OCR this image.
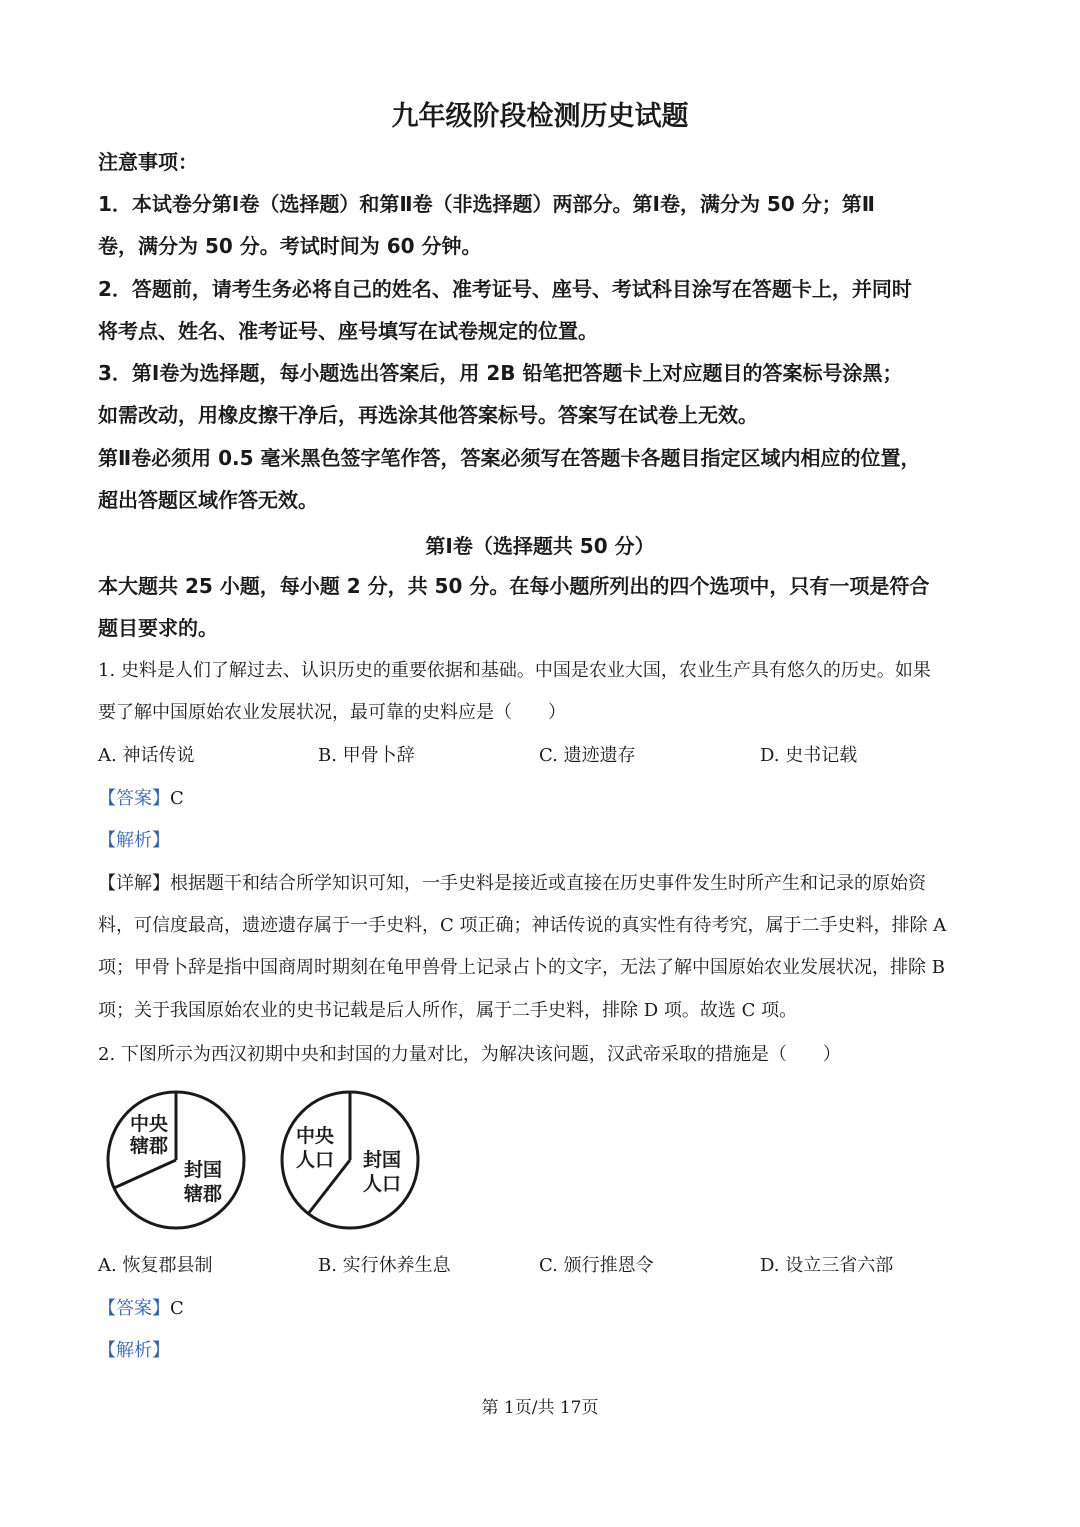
九年级阶段检测历史试题
注意事项：
1．本试卷分第Ⅰ卷（选择题）和第Ⅱ卷（非选择题）两部分。第Ⅰ卷，满分为 50 分；第Ⅱ
卷，满分为 50 分。考试时间为 60 分钟。
2．答题前，请考生务必将自己的姓名、准考证号、座号、考试科目涂写在答题卡上，并同时
将考点、姓名、准考证号、座号填写在试卷规定的位置。
3．第Ⅰ卷为选择题，每小题选出答案后，用 2B 铅笔把答题卡上对应题目的答案标号涂黑；
如需改动，用橡皮擦干净后，再选涂其他答案标号。答案写在试卷上无效。
第Ⅱ卷必须用 0.5 毫米黑色签字笔作答，答案必须写在答题卡各题目指定区域内相应的位置，
超出答题区域作答无效。
第Ⅰ卷（选择题共 50 分）
本大题共 25 小题，每小题 2 分，共 50 分。在每小题所列出的四个选项中，只有一项是符合
题目要求的。
1. 史料是人们了解过去、认识历史的重要依据和基础。中国是农业大国，农业生产具有悠久的历史。如果
要了解中国原始农业发展状况，最可靠的史料应是（　　）
A. 神话传说	B. 甲骨卜辞	C. 遗迹遗存	D. 史书记载
【答案】C
【解析】
【详解】根据题干和结合所学知识可知，一手史料是接近或直接在历史事件发生时所产生和记录的原始资
料，可信度最高，遗迹遗存属于一手史料，C 项正确；神话传说的真实性有待考究，属于二手史料，排除 A
项；甲骨卜辞是指中国商周时期刻在龟甲兽骨上记录占卜的文字，无法了解中国原始农业发展状况，排除 B
项；关于我国原始农业的史书记载是后人所作，属于二手史料，排除 D 项。故选 C 项。
2. 下图所示为西汉初期中央和封国的力量对比，为解决该问题，汉武帝采取的措施是（　　）
中央
辖郡
封国
辖郡
中央
人口 封国
人口
A. 恢复郡县制	B. 实行休养生息	C. 颁行推恩令	D. 设立三省六部
【答案】C
【解析】
第 1页/共 17页
